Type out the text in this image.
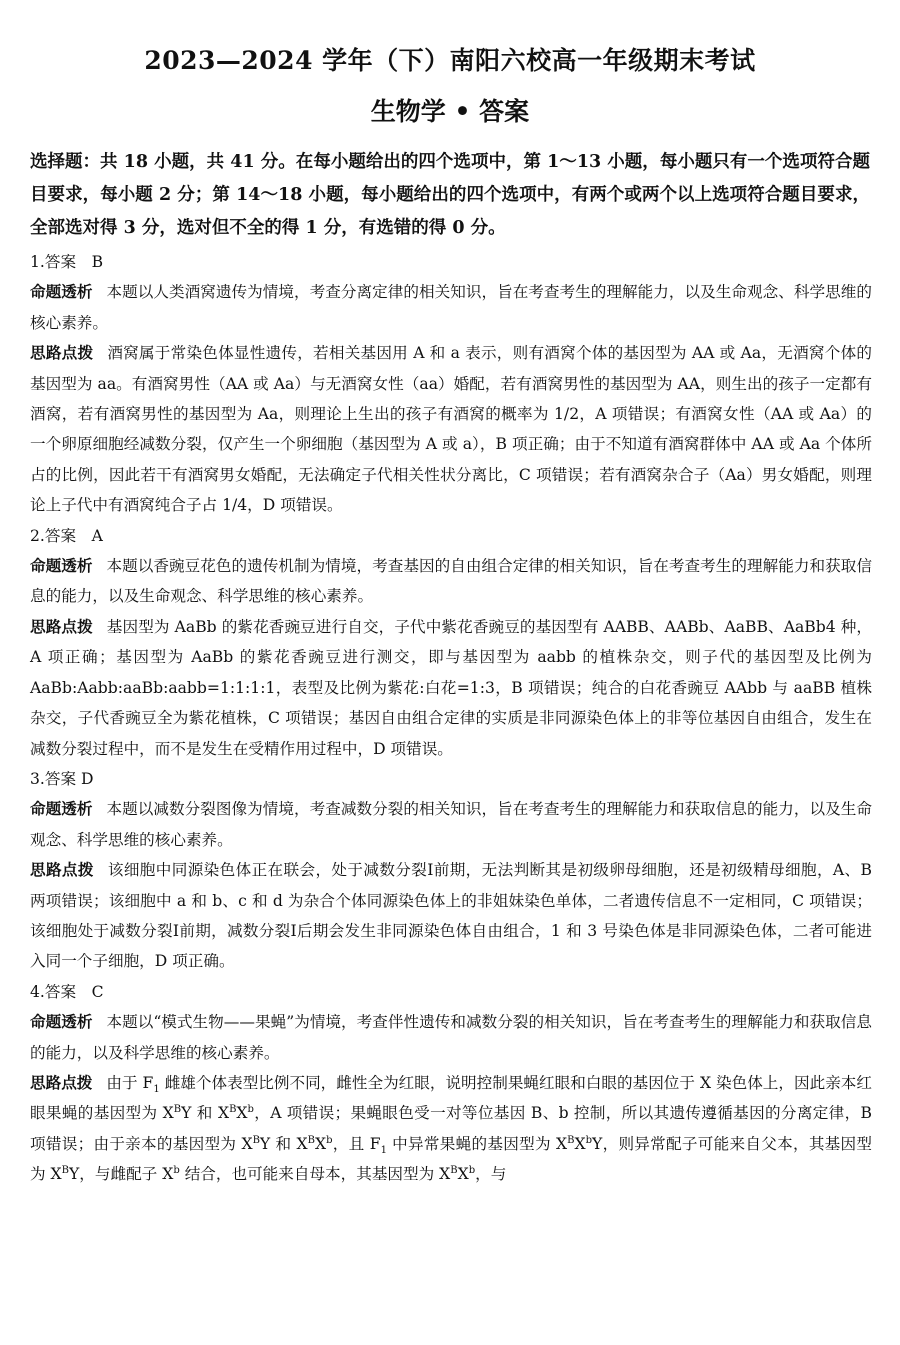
2023—2024 学年（下）南阳六校高一年级期末考试
生物学 • 答案
选择题：共 18 小题，共 41 分。在每小题给出的四个选项中，第 1～13 小题，每小题只有一个选项符合题目要求，每小题 2 分；第 14～18 小题，每小题给出的四个选项中，有两个或两个以上选项符合题目要求，全部选对得 3 分，选对但不全的得 1 分，有选错的得 0 分。

1.答案　B

命题透析 本题以人类酒窝遗传为情境，考查分离定律的相关知识，旨在考查考生的理解能力，以及生命观念、科学思维的核心素养。

思路点拨 酒窝属于常染色体显性遗传，若相关基因用 A 和 a 表示，则有酒窝个体的基因型为 AA 或 Aa，无酒窝个体的基因型为 aa。有酒窝男性（AA 或 Aa）与无酒窝女性（aa）婚配，若有酒窝男性的基因型为 AA，则生出的孩子一定都有酒窝，若有酒窝男性的基因型为 Aa，则理论上生出的孩子有酒窝的概率为 1/2，A 项错误；有酒窝女性（AA 或 Aa）的一个卵原细胞经减数分裂，仅产生一个卵细胞（基因型为 A 或 a），B 项正确；由于不知道有酒窝群体中 AA 或 Aa 个体所占的比例，因此若干有酒窝男女婚配，无法确定子代相关性状分离比，C 项错误；若有酒窝杂合子（Aa）男女婚配，则理论上子代中有酒窝纯合子占 1/4，D 项错误。

2.答案　A

命题透析 本题以香豌豆花色的遗传机制为情境，考查基因的自由组合定律的相关知识，旨在考查考生的理解能力和获取信息的能力，以及生命观念、科学思维的核心素养。

思路点拨 基因型为 AaBb 的紫花香豌豆进行自交，子代中紫花香豌豆的基因型有 AABB、AABb、AaBB、AaBb4 种，A 项正确；基因型为 AaBb 的紫花香豌豆进行测交，即与基因型为 aabb 的植株杂交，则子代的基因型及比例为 AaBb:Aabb:aaBb:aabb=1:1:1:1，表型及比例为紫花:白花=1:3，B 项错误；纯合的白花香豌豆 AAbb 与 aaBB 植株杂交，子代香豌豆全为紫花植株，C 项错误；基因自由组合定律的实质是非同源染色体上的非等位基因自由组合，发生在减数分裂过程中，而不是发生在受精作用过程中，D 项错误。

3.答案 D

命题透析 本题以减数分裂图像为情境，考查减数分裂的相关知识，旨在考查考生的理解能力和获取信息的能力，以及生命观念、科学思维的核心素养。

思路点拨 该细胞中同源染色体正在联会，处于减数分裂Ⅰ前期，无法判断其是初级卵母细胞，还是初级精母细胞，A、B 两项错误；该细胞中 a 和 b、c 和 d 为杂合个体同源染色体上的非姐妹染色单体，二者遗传信息不一定相同，C 项错误；该细胞处于减数分裂Ⅰ前期，减数分裂Ⅰ后期会发生非同源染色体自由组合，1 和 3 号染色体是非同源染色体，二者可能进入同一个子细胞，D 项正确。

4.答案　C

命题透析 本题以“模式生物——果蝇”为情境，考查伴性遗传和减数分裂的相关知识，旨在考查考生的理解能力和获取信息的能力，以及科学思维的核心素养。

思路点拨 由于 $F_1$ 雌雄个体表型比例不同，雌性全为红眼，说明控制果蝇红眼和白眼的基因位于 X 染色体上，因此亲本红眼果蝇的基因型为 $X^BY$ 和 $X^BX^b$，A 项错误；果蝇眼色受一对等位基因 B、b 控制，所以其遗传遵循基因的分离定律，B 项错误；由于亲本的基因型为 $X^BY$ 和 $X^BX^b$，且 $F_1$ 中异常果蝇的基因型为 $X^BX^bY$，则异常配子可能来自父本，其基因型为 $X^BY$，与雌配子 $X^b$ 结合，也可能来自母本，其基因型为 $X^BX^b$，与
